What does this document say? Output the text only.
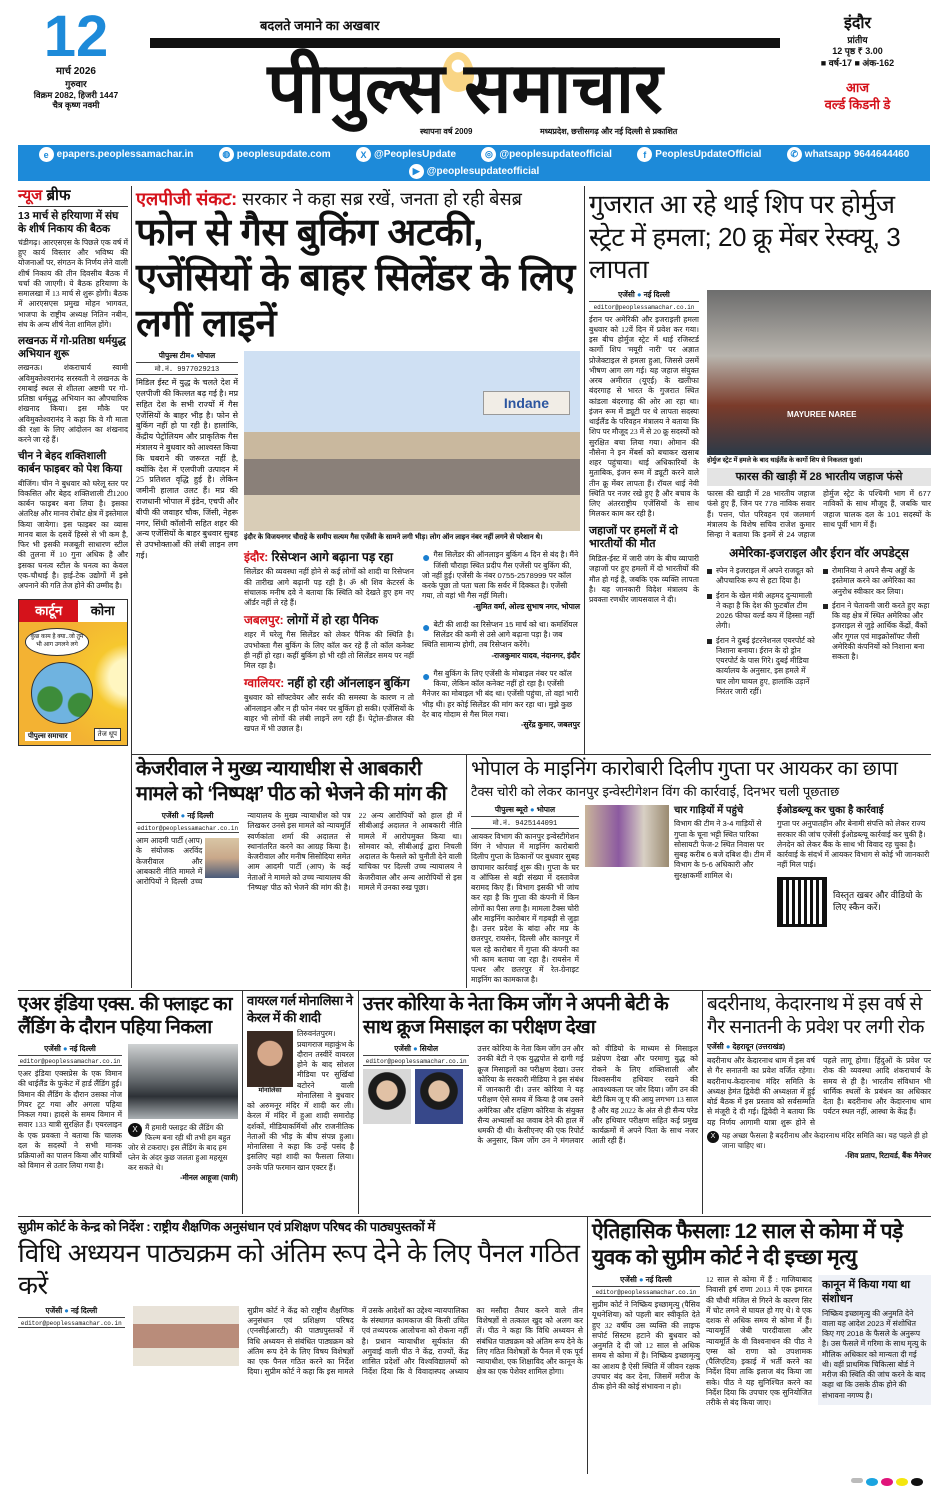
12
मार्च 2026
गुरुवार
विक्रम 2082, हिजरी 1447
चैत्र कृष्ण नवमी
बदलते जमाने का अखबार
पीपुल्स समाचार
स्थापना वर्ष 2009	मध्यप्रदेश, छत्तीसगढ़ और नई दिल्ली से प्रकाशित
इंदौर
प्रांतीय
12 पृष्ठ ₹ 3.00
■ वर्ष-17 ■ अंक-162
आज
वर्ल्ड किडनी डे
e epapers.peoplessamachar.in	◍ peoplesupdate.com	X @PeoplesUpdate	◎ @peoplesupdateofficial	f PeoplesUpdateOfficial	✆ whatsapp 9644644460
▶ @peoplesupdateofficial
न्यूज ब्रीफ
13 मार्च से हरियाणा में संघ के शीर्ष निकाय की बैठक
चंडीगढ़। आरएसएस के पिछले एक वर्ष में हुए कार्य विस्तार और भविष्य की योजनाओं पर, संगठन के निर्णय लेने वाली शीर्ष निकाय की तीन दिवसीय बैठक में चर्चा की जाएगी। ये बैठक हरियाणा के समालखा में 13 मार्च से शुरू होगी। बैठक में आरएसएस प्रमुख मोहन भागवत, भाजपा के राष्ट्रीय अध्यक्ष नितिन नबीन, संघ के अन्य शीर्ष नेता शामिल होंगे।
लखनऊ में गो-प्रतिष्ठा धर्मयुद्ध अभियान शुरू
लखनऊ। शंकराचार्य स्वामी अविमुक्तेश्वरानंद सरस्वती ने लखनऊ के रमाबाई स्थल से शीतला अष्टमी पर गो-प्रतिष्ठा धर्मयुद्ध अभियान का औपचारिक शंखनाद किया। इस मौके पर अविमुक्तेश्वरानंद ने कहा कि वे गौ माता की रक्षा के लिए आंदोलन का शंखनाद करने जा रहे हैं।
चीन ने बेहद शक्तिशाली कार्बन फाइबर को पेश किया
बीजिंग। चीन ने बुधवार को घरेलू स्तर पर विकसित और बेहद शक्तिशाली टी1200 कार्बन फाइबर बना लिया है। इसका अंतरिक्ष और मानव रोबोट क्षेत्र में इस्तेमाल किया जायेगा। इस फाइबर का व्यास मानव बाल के दसवें हिस्से से भी कम है, फिर भी इसकी मजबूती साधारण स्टील की तुलना में 10 गुना अधिक है और इसका घनत्व स्टील के घनत्व का केवल एक-चौथाई है। हाई-टेक उद्योगों में इसे अपनाने की गति तेज होने की उम्मीद है।
कार्टून	कोना
कुछ काम है क्या..जो तुम भी आग उगलने लगे
पीपुल्स समाचार	तेज धूप
एलपीजी संकट: सरकार ने कहा सब्र रखें, जनता हो रही बेसब्र
फोन से गैस बुकिंग अटकी, एजेंसियों के बाहर सिलेंडर के लिए लगीं लाइनें
पीपुल्स टीम● भोपाल
मो.नं. 9977029213
मिडिल ईस्ट में युद्ध के चलते देश में एलपीजी की किल्लत बढ़ गई है। मप्र सहित देश के सभी राज्यों में गैस एजेंसियों के बाहर भीड़ है। फोन से बुकिंग नहीं हो पा रही है। हालांकि, केंद्रीय पेट्रोलियम और प्राकृतिक गैस मंत्रालय ने बुधवार को आश्वस्त किया कि घबराने की जरूरत नहीं है, क्योंकि देश में एलपीजी उत्पादन में 25 प्रतिशत वृद्धि हुई है। लेकिन जमीनी हालात उलट हैं। मप्र की राजधानी भोपाल में इंडेन, एचपी और बीपी की जवाहर चौक, जिंसी, नेहरू नगर, सिंधी कॉलोनी सहित शहर की अन्य एजेंसियों के बाहर बुधवार सुबह से उपभोक्ताओं की लंबी लाइन लग गई।
Indane
इंदौर के विजयनगर चौराहे के समीप सत्यम गैस एजेंसी के सामने लगी भीड़। लोग ऑन लाइन नंबर नहीं लगने से परेशान थे।
इंदौर: रिसेप्शन आगे बढ़ाना पड़ रहा
सिलेंडर की व्यवस्था नहीं होने से कई लोगों को शादी या रिसेप्शन की तारीख आगे बढ़ानी पड़ रही है। ॐ श्री शिव केटरर्स के संचालक मनीष दवे ने बताया कि स्थिति को देखते हुए हम नए ऑर्डर नहीं ले रहे हैं।
जबलपुर: लोगों में हो रहा पैनिक
शहर में घरेलू गैस सिलेंडर को लेकर पैनिक की स्थिति है। उपभोक्ता गैस बुकिंग के लिए कॉल कर रहे हैं तो कॉल कनेक्ट ही नहीं हो रहा। कहीं बुकिंग हो भी रही तो सिलेंडर समय पर नहीं मिल रहा है।
ग्वालियर: नहीं हो रही ऑनलाइन बुकिंग
बुधवार को सॉफ्टवेयर और सर्वर की समस्या के कारण न तो ऑनलाइन और न ही फोन नंबर पर बुकिंग हो सकी। एजेंसियों के बाहर भी लोगों की लंबी लाइनें लग रही हैं। पेट्रोल-डीजल की खपत में भी उछाल है।
● गैस सिलेंडर की ऑनलाइन बुकिंग 4 दिन से बंद है। मैंने जिंसी चौराहा स्थित प्रदीप गैस एजेंसी पर बुकिंग की, जो नहीं हुई। एजेंसी के नंबर 0755-2578999 पर कॉल करके पूछा तो पता चला कि सर्वर में दिक्कत है। एजेंसी गया, तो वहां भी गैस नहीं मिली।
-सुमित वर्मा, ओल्ड सुभाष नगर, भोपाल
● बेटी की शादी का रिसेप्शन 15 मार्च को था। कमर्शियल सिलेंडर की कमी से उसे आगे बढ़ाना पड़ा है। जब स्थिति सामान्य होगी, तब रिसेप्शन करेंगे।
-राजकुमार यादव, नंदानगर, इंदौर
● गैस बुकिंग के लिए एजेंसी के मोबाइल नंबर पर कॉल किया, लेकिन कॉल कनेक्ट नहीं हो रहा है। एजेंसी मैनेजर का मोबाइल भी बंद था। एजेंसी पहुंचा, तो वहां भारी भीड़ थी। हर कोई सिलेंडर की मांग कर रहा था। मुझे कुछ देर बाद गोदाम से गैस मिल गया।
-सुरेंद्र कुमार, जबलपुर
गुजरात आ रहे थाई शिप पर होर्मुज स्ट्रेट में हमला; 20 क्रू मेंबर रेस्क्यू, 3 लापता
एजेंसी ● नई दिल्ली
editor@peoplessamachar.co.in
ईरान पर अमेरिकी और इजराइली हमला बुधवार को 12वें दिन में प्रवेश कर गया। इस बीच होर्मुज स्ट्रेट में थाई रजिस्टर्ड कार्गो शिप 'मयूरी नारी' पर अज्ञात प्रोजेक्टाइल से हमला हुआ, जिससे उसमें भीषण आग लग गई। यह जहाज संयुक्त अरब अमीरात (यूएई) के खलीफा बंदरगाह से भारत के गुजरात स्थित कांडला बंदरगाह की ओर आ रहा था। इंजन रूम में ड्यूटी पर थे लापता सदस्यः थाईलैंड के परिवहन मंत्रालय ने बताया कि शिप पर मौजूद 23 में से 20 क्रू सदस्यों को सुरक्षित बचा लिया गया। ओमान की नौसेना ने इन मेंबर्स को बचाकर खसाब शहर पहुंचाया। थाई अधिकारियों के मुताबिक, इंजन रूम में ड्यूटी करने वाले तीन क्रू मेंबर लापता हैं। रॉयल थाई नेवी स्थिति पर नजर रखे हुए है और बचाव के लिए अंतरराष्ट्रीय एजेंसियों के साथ मिलकर काम कर रही है।
जहाजों पर हमलों में दो भारतीयों की मौत
मिडिल-ईस्ट में जारी जंग के बीच व्यापारी जहाजों पर हुए हमलों में दो भारतीयों की मौत हो गई है, जबकि एक व्यक्ति लापता है। यह जानकारी विदेश मंत्रालय के प्रवक्ता रणधीर जायसवाल ने दी।
MAYUREE NAREE
होर्मुज स्ट्रेट में हमले के बाद थाईलैंड के कार्गो शिप से निकलता धुआं।
फारस की खाड़ी में 28 भारतीय जहाज फंसे
फारस की खाड़ी में 28 भारतीय जहाज फंसे हुए हैं, जिन पर 778 नाविक सवार हैं। पत्तन, पोत परिवहन एवं जलमार्ग मंत्रालय के विशेष सचिव राजेश कुमार सिन्हा ने बताया कि इनमें से 24 जहाज होर्मुज स्ट्रेट के पश्चिमी भाग में 677 नाविकों के साथ मौजूद हैं, जबकि चार जहाज चालक दल के 101 सदस्यों के साथ पूर्वी भाग में हैं।
अमेरिका-इजराइल और ईरान वॉर अपडेट्स
स्पेन ने इजराइल में अपने राजदूत को औपचारिक रूप से हटा दिया है।
ईरान के खेल मंत्री अहमद दुन्यामाली ने कहा है कि देश की फुटबॉल टीम 2026 फीफा वर्ल्ड कप में हिस्सा नहीं लेगी।
ईरान ने दुबई इंटरनेशनल एयरपोर्ट को निशाना बनाया। ईरान के दो ड्रोन एयरपोर्ट के पास गिरे। दुबई मीडिया कार्यालय के अनुसार, इस हमले में चार लोग घायल हुए, हालांकि उड़ानें निरंतर जारी रहीं।
रोमानिया ने अपने सैन्य अड्डों के इस्तेमाल करने का अमेरिका का अनुरोध स्वीकार कर लिया।
ईरान ने चेतावनी जारी करते हुए कहा कि वह क्षेत्र में स्थित अमेरिका और इजराइल से जुड़े आर्थिक केंद्रों, बैंकों और गूगल एवं माइक्रोसॉफ्ट जैसी अमेरिकी कंपनियों को निशाना बना सकता है।
केजरीवाल ने मुख्य न्यायाधीश से आबकारी मामले को ‘निष्पक्ष’ पीठ को भेजने की मांग की
एजेंसी ● नई दिल्ली
editor@peoplessamachar.co.in
आम आदमी पार्टी (आप) के संयोजक अरविंद केजरीवाल और आबकारी नीति मामले में आरोपियों ने दिल्ली उच्च न्यायालय के मुख्य न्यायाधीश को पत्र लिखकर उनसे इस मामले को न्यायमूर्ति स्वर्णकांता शर्मा की अदालत से स्थानांतरित करने का आग्रह किया है। केजरीवाल और मनीष सिसोदिया समेत आम आदमी पार्टी (आप) के कई नेताओं ने मामले को उच्च न्यायालय की 'निष्पक्ष' पीठ को भेजने की मांग की है। 22 अन्य आरोपियों को हाल ही में सीबीआई अदालत ने आबकारी नीति मामले में आरोपमुक्त किया था। सोमवार को, सीबीआई द्वारा निचली अदालत के फैसले को चुनौती देने वाली याचिका पर दिल्ली उच्च न्यायालय ने केजरीवाल और अन्य आरोपियों से इस मामले में उनका रुख पूछा।
भोपाल के माइनिंग कारोबारी दिलीप गुप्ता पर आयकर का छापा
टैक्स चोरी को लेकर कानपुर इन्वेस्टीगेशन विंग की कार्रवाई, दिनभर चली पूछताछ
पीपुल्स ब्यूरो ● भोपाल
मो.नं. 9425144091
आयकर विभाग की कानपुर इन्वेस्टीगेशन विंग ने भोपाल में माइनिंग कारोबारी दिलीप गुप्ता के ठिकानों पर बुधवार सुबह छापामार कार्रवाई शुरू की। गुप्ता के घर व ऑफिस से बड़ी संख्या में दस्तावेज बरामद किए हैं। विभाग इसकी भी जांच कर रहा है कि गुप्ता की कंपनी में किन लोगों का पैसा लगा है। मामला टैक्स चोरी और माइनिंग कारोबार में गड़बड़ी से जुड़ा है। उत्तर प्रदेश के बांदा और मप्र के छतरपुर, रायसेन, दिल्ली और कानपुर में चल रहे कारोबार में गुप्ता की कंपनी का भी काम बताया जा रहा है। रायसेन में पत्थर और छतरपुर में रेत-ग्रेनाइट माइनिंग का कामकाज है।
चार गाड़ियों में पहुंचे
विभाग की टीम ने 3-4 गाड़ियों से गुप्ता के चूना भट्टी स्थित पारिका सोसायटी फेज-2 स्थित निवास पर सुबह करीब 6 बजे दबिश दी। टीम में विभाग के 5-6 अधिकारी और सुरक्षाकर्मी शामिल थे।
ईओडब्ल्यू कर चुका है कार्रवाई
गुप्ता पर अनुपातहीन और बेनामी संपत्ति को लेकर राज्य सरकार की जांच एजेंसी ईओडब्ल्यू कार्रवाई कर चुकी है। लेनदेन को लेकर बैंक के साथ भी विवाद रह चुका है। कार्रवाई के संदर्भ में आयकर विभाग से कोई भी जानकारी नहीं मिल पाई।
विस्तृत खबर और वीडियो के लिए स्कैन करें।
एअर इंडिया एक्स. की फ्लाइट का लैंडिंग के दौरान पहिया निकला
एजेंसी ● नई दिल्ली
editor@peoplessamachar.co.in
एअर इंडिया एक्सप्रेस के एक विमान की थाईलैंड के फुकेट में हार्ड लैंडिंग हुई। विमान की लैंडिंग के दौरान उसका नोज गियर टूट गया और अगला पहिया निकल गया। हादसे के समय विमान में सवार 133 यात्री सुरक्षित हैं। एयरलाइन के एक प्रवक्ता ने बताया कि चालक दल के सदस्यों ने सभी मानक प्रक्रियाओं का पालन किया और यात्रियों को विमान से उतार लिया गया है।
X मैं हमारी फ्लाइट की लैंडिंग की फिल्म बना रही थी तभी हम बहुत जोर से टकराए। इस लैंडिंग के बाद हम प्लेन के अंदर कुछ जलता हुआ महसूस कर सकते थे।
-मीनल आहूजा (यात्री)
वायरल गर्ल मोनालिसा ने केरल में की शादी
मोनालिसा
तिरुवनंतपुरम। प्रयागराज महाकुंभ के दौरान तस्वीरें वायरल होने के बाद सोशल मीडिया पर सुर्खियां बटोरने वाली मोनालिसा ने बुधवार को अरुमनूर मंदिर में शादी कर ली। केरल में मंदिर में हुआ शादी समारोह दर्शकों, मीडियाकर्मियों और राजनीतिक नेताओं की भीड़ के बीच संपन्न हुआ। मोनालिसा ने कहा कि उन्हें पसंद है इसलिए यहां शादी का फैसला लिया। उनके पति फरमान खान एक्टर हैं।
उत्तर कोरिया के नेता किम जोंग ने अपनी बेटी के साथ क्रूज मिसाइल का परीक्षण देखा
एजेंसी ● सियोल
editor@peoplessamachar.co.in
उत्तर कोरिया के नेता किम जोंग उन और उनकी बेटी ने एक युद्धपोत से दागी गई क्रूज मिसाइलों का परीक्षण देखा। उत्तर कोरिया के सरकारी मीडिया ने इस संबंध में जानकारी दी। उत्तर कोरिया ने यह परीक्षण ऐसे समय में किया है जब उसने अमेरिका और दक्षिण कोरिया के संयुक्त सैन्य अभ्यासों का जवाब देने की हाल में धमकी दी थी। केसीएनए की एक रिपोर्ट के अनुसार, किम जोंग उन ने मंगलवार को वीडियो के माध्यम से मिसाइल प्रक्षेपण देखा और परमाणु युद्ध को रोकने के लिए शक्तिशाली और विश्वसनीय हथियार रखने की आवश्यकता पर जोर दिया। जोंग उन की बेटी किम जू ए की आयु लगभग 13 साल है और वह 2022 के अंत से ही सैन्य परेड और हथियार परीक्षण सहित कई प्रमुख कार्यक्रमों में अपने पिता के साथ नजर आती रही हैं।
बदरीनाथ, केदारनाथ में इस वर्ष से गैर सनातनी के प्रवेश पर लगी रोक
एजेंसी ● देहरादून (उत्तराखंड)
बदरीनाथ और केदारनाथ धाम में इस वर्ष से गैर सनातनी का प्रवेश वर्जित रहेगा। बदरीनाथ-केदारनाथ मंदिर समिति के अध्यक्ष हेमंत द्विवेदी की अध्यक्षता में हुई बोर्ड बैठक में इस प्रस्ताव को सर्वसम्मति से मंजूरी दे दी गई। द्विवेदी ने बताया कि यह निर्णय आगामी यात्रा शुरू होने से पहले लागू होगा। हिंदुओं के प्रवेश पर रोक की व्यवस्था आदि शंकराचार्य के समय से ही है। भारतीय संविधान भी धार्मिक स्थलों के प्रबंधन का अधिकार देता है। बदरीनाथ और केदारनाथ धाम पर्यटन स्थल नहीं, आस्था के केंद्र हैं।
X यह अच्छा फैसला है बदरीनाथ और केदारनाथ मंदिर समिति का। यह पहले ही हो जाना चाहिए था।
-शिव प्रताप, रिटायर्ड, बैंक मैनेजर
सुप्रीम कोर्ट के केन्द्र को निर्देश : राष्ट्रीय शैक्षणिक अनुसंधान एवं प्रशिक्षण परिषद की पाठ्यपुस्तकों में
विधि अध्ययन पाठ्यक्रम को अंतिम रूप देने के लिए पैनल गठित करें
एजेंसी ● नई दिल्ली
editor@peoplessamachar.co.in
सुप्रीम कोर्ट ने केंद्र को राष्ट्रीय शैक्षणिक अनुसंधान एवं प्रशिक्षण परिषद (एनसीईआरटी) की पाठ्यपुस्तकों में विधि अध्ययन से संबंधित पाठ्यक्रम को अंतिम रूप देने के लिए विषय विशेषज्ञों का एक पैनल गठित करने का निर्देश दिया। सुप्रीम कोर्ट ने कहा कि इस मामले में उसके आदेशों का उद्देश्य न्यायपालिका के संस्थागत कामकाज की किसी उचित एवं तथ्यपरक आलोचना को रोकना नहीं है। प्रधान न्यायाधीश सूर्यकांत की अगुवाई वाली पीठ ने केंद्र, राज्यों, केंद्र शासित प्रदेशों और विश्वविद्यालयों को निर्देश दिया कि वे विवादास्पद अध्याय का मसौदा तैयार करने वाले तीन विशेषज्ञों से तत्काल खुद को अलग कर लें। पीठ ने कहा कि विधि अध्ययन से संबंधित पाठ्यक्रम को अंतिम रूप देने के लिए गठित विशेषज्ञों के पैनल में एक पूर्व न्यायाधीश, एक शिक्षाविद और कानून के क्षेत्र का एक पेशेवर शामिल होगा।
ऐतिहासिक फैसलाः 12 साल से कोमा में पड़े युवक को सुप्रीम कोर्ट ने दी इच्छा मृत्यु
एजेंसी ● नई दिल्ली
editor@peoplessamachar.co.in
सुप्रीम कोर्ट ने निष्क्रिय इच्छामृत्यु (पैसिव यूथनेशिया) को पहली बार स्वीकृति देते हुए 32 वर्षीय उस व्यक्ति की लाइफ सपोर्ट सिस्टम हटाने की बुधवार को अनुमति दे दी जो 12 साल से अधिक समय से कोमा में है। निष्क्रिय इच्छामृत्यु का आशय है ऐसी स्थिति में जीवन रक्षक उपचार बंद कर देना, जिसमें मरीज के ठीक होने की कोई संभावना न हो।
12 साल से कोमा में हैं : गाजियाबाद निवासी हर्ष राणा 2013 में एक इमारत की चौथी मंजिल से गिरने के कारण सिर में चोट लगने से घायल हो गए थे। वे एक दशक से अधिक समय से कोमा में हैं। न्यायमूर्ति जेबी पारदीवाला और न्यायमूर्ति के वी विश्वनाथन की पीठ ने एम्स को राणा को उपशामक (पैलिएटिव) इकाई में भर्ती करने का निर्देश दिया ताकि इलाज बंद किया जा सके। पीठ ने यह सुनिश्चित करने का निर्देश दिया कि उपचार एक सुनियोजित तरीके से बंद किया जाए।
कानून में किया गया था संशोधन
निष्क्रिय इच्छामृत्यु की अनुमति देने वाला यह आदेश 2023 में संशोधित किए गए 2018 के फैसले के अनुरूप है। उस फैसले में गरिमा के साथ मृत्यु के मौलिक अधिकार को मान्यता दी गई थी। वहीं प्राथमिक चिकित्सा बोर्ड ने मरीज की स्थिति की जांच करने के बाद कहा था कि उसके ठीक होने की संभावना नगण्य है।
